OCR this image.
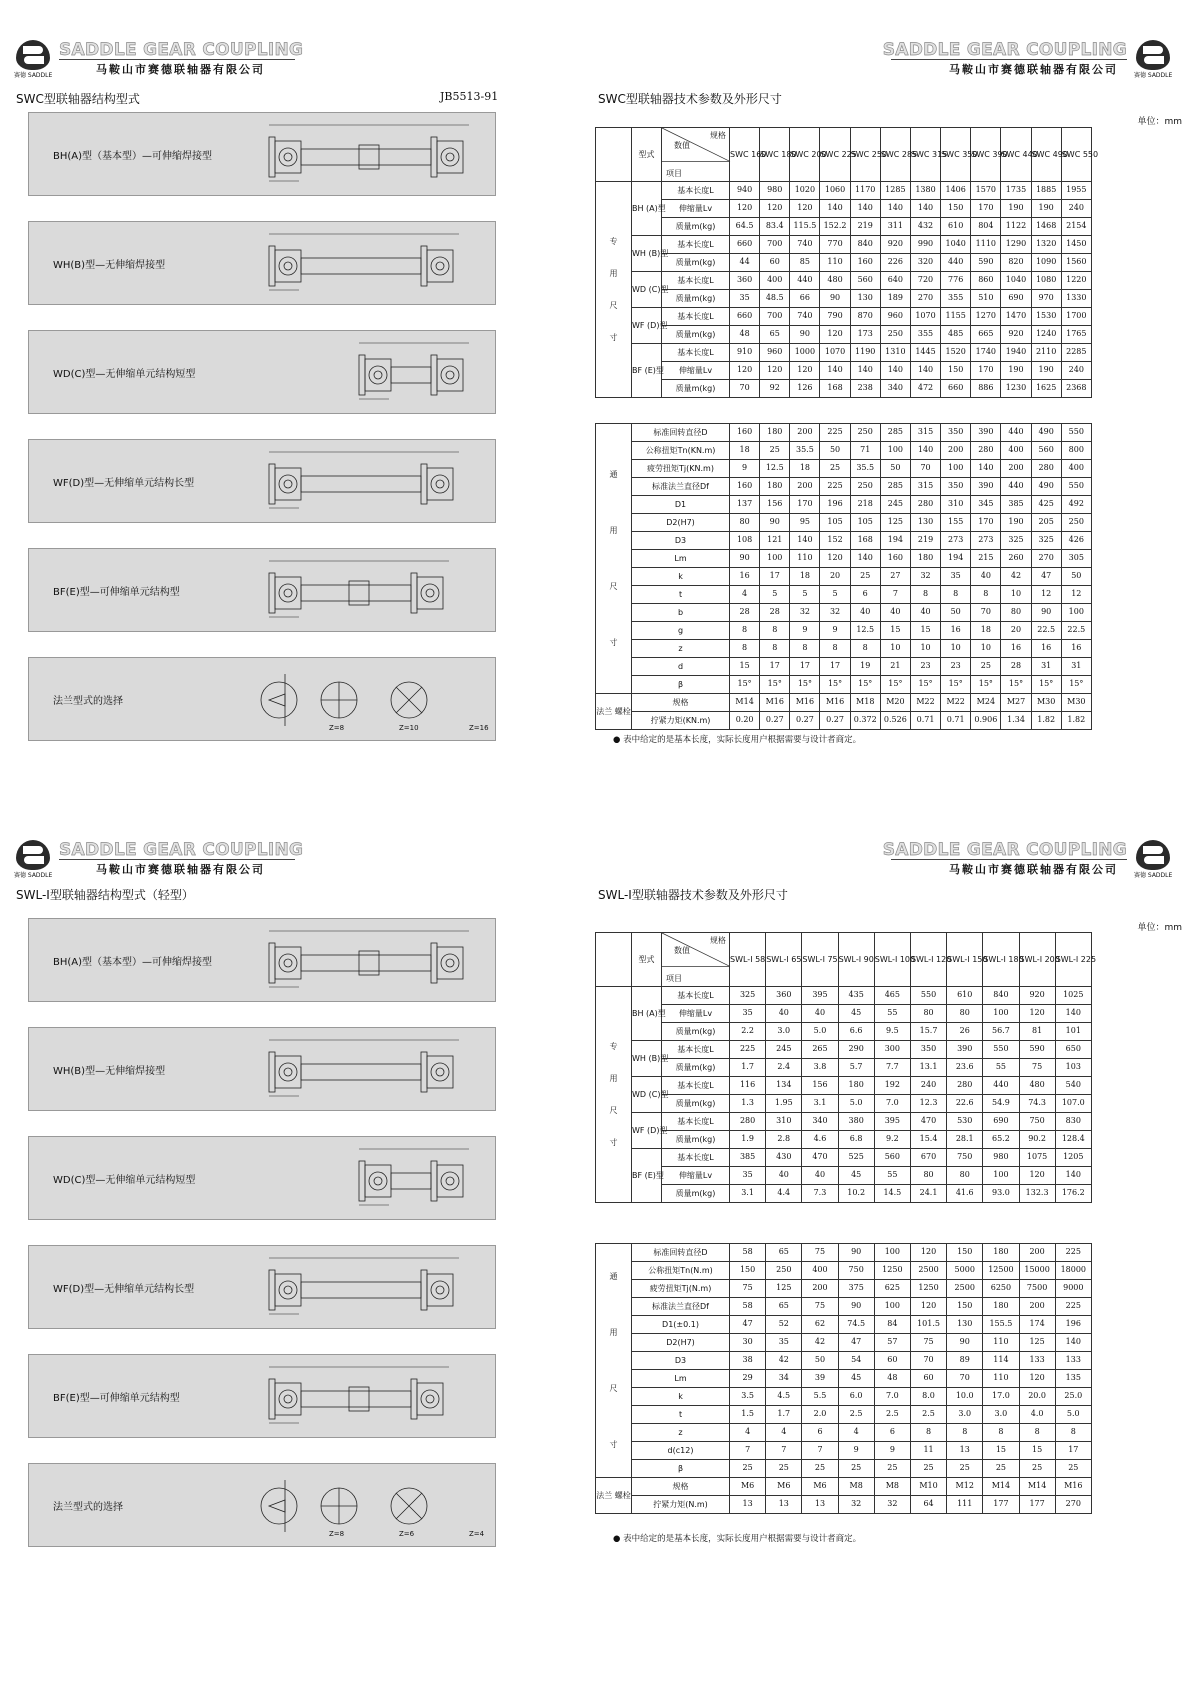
赛德 SADDLE
SADDLE GEAR COUPLING
马鞍山市赛德联轴器有限公司
SWC型联轴器结构型式	JB5513-91
BH(A)型（基本型）—可伸缩焊接型
WH(B)型—无伸缩焊接型
WD(C)型—无伸缩单元结构短型
WF(D)型—无伸缩单元结构长型
BF(E)型—可伸缩单元结构型
法兰型式的选择
Z=8	Z=10	Z=16
SADDLE GEAR COUPLING
马鞍山市赛德联轴器有限公司	赛德 SADDLE
SWC型联轴器技术参数及外形尺寸
单位：mm
	型式	规格
数值
项目	SWC 160	SWC 180	SWC 200	SWC 225	SWC 250	SWC 285	SWC 315	SWC 350	SWC 390	SWC 440	SWC 490	SWC 550

专
用
尺
寸	BH (A)型	基本长度L	940	980	1020	1060	1170	1285	1380	1406	1570	1735	1885	1955
		伸缩量Lv	120	120	120	140	140	140	140	150	170	190	190	240
		质量m(kg)	64.5	83.4	115.5	152.2	219	311	432	610	804	1122	1468	2154
	WH (B)型	基本长度L	660	700	740	770	840	920	990	1040	1110	1290	1320	1450
		质量m(kg)	44	60	85	110	160	226	320	440	590	820	1090	1560
	WD (C)型	基本长度L	360	400	440	480	560	640	720	776	860	1040	1080	1220
		质量m(kg)	35	48.5	66	90	130	189	270	355	510	690	970	1330
	WF (D)型	基本长度L	660	700	740	790	870	960	1070	1155	1270	1470	1530	1700
		质量m(kg)	48	65	90	120	173	250	355	485	665	920	1240	1765
	BF (E)型	基本长度L	910	960	1000	1070	1190	1310	1445	1520	1740	1940	2110	2285
		伸缩量Lv	120	120	120	140	140	140	140	150	170	190	190	240
		质量m(kg)	70	92	126	168	238	340	472	660	886	1230	1625	2368
通
用
尺
寸	标准回转直径D	160	180	200	225	250	285	315	350	390	440	490	550
	公称扭矩Tn(KN.m)	18	25	35.5	50	71	100	140	200	280	400	560	800
	疲劳扭矩Tj(KN.m)	9	12.5	18	25	35.5	50	70	100	140	200	280	400
	标准法兰直径Df	160	180	200	225	250	285	315	350	390	440	490	550
	D1	137	156	170	196	218	245	280	310	345	385	425	492
	D2(H7)	80	90	95	105	105	125	130	155	170	190	205	250
	D3	108	121	140	152	168	194	219	273	273	325	325	426
	Lm	90	100	110	120	140	160	180	194	215	260	270	305
	k	16	17	18	20	25	27	32	35	40	42	47	50
	t	4	5	5	5	6	7	8	8	8	10	12	12
	b	28	28	32	32	40	40	40	50	70	80	90	100
	g	8	8	9	9	12.5	15	15	16	18	20	22.5	22.5
	z	8	8	8	8	8	10	10	10	10	16	16	16
	d	15	17	17	17	19	21	23	23	25	28	31	31
	β	15°	15°	15°	15°	15°	15°	15°	15°	15°	15°	15°	15°
法兰 螺栓	规格	M14	M16	M16	M16	M18	M20	M22	M22	M24	M27	M30	M30
	拧紧力矩(KN.m)	0.20	0.27	0.27	0.27	0.372	0.526	0.71	0.71	0.906	1.34	1.82	1.82
● 表中给定的是基本长度，实际长度用户根据需要与设计者商定。
赛德 SADDLE
SADDLE GEAR COUPLING
马鞍山市赛德联轴器有限公司
SWL-Ⅰ型联轴器结构型式（轻型）
BH(A)型（基本型）—可伸缩焊接型
WH(B)型—无伸缩焊接型
WD(C)型—无伸缩单元结构短型
WF(D)型—无伸缩单元结构长型
BF(E)型—可伸缩单元结构型
法兰型式的选择
Z=8	Z=6	Z=4
SADDLE GEAR COUPLING
马鞍山市赛德联轴器有限公司	赛德 SADDLE
SWL-Ⅰ型联轴器技术参数及外形尺寸
单位：mm
	型式	规格
数值
项目	SWL-Ⅰ 58	SWL-Ⅰ 65	SWL-Ⅰ 75	SWL-Ⅰ 90	SWL-Ⅰ 100	SWL-Ⅰ 120	SWL-Ⅰ 150	SWL-Ⅰ 180	SWL-Ⅰ 200	SWL-Ⅰ 225

专
用
尺
寸	BH (A)型	基本长度L	325	360	395	435	465	550	610	840	920	1025
		伸缩量Lv	35	40	40	45	55	80	80	100	120	140
		质量m(kg)	2.2	3.0	5.0	6.6	9.5	15.7	26	56.7	81	101
	WH (B)型	基本长度L	225	245	265	290	300	350	390	550	590	650
		质量m(kg)	1.7	2.4	3.8	5.7	7.7	13.1	23.6	55	75	103
	WD (C)型	基本长度L	116	134	156	180	192	240	280	440	480	540
		质量m(kg)	1.3	1.95	3.1	5.0	7.0	12.3	22.6	54.9	74.3	107.0
	WF (D)型	基本长度L	280	310	340	380	395	470	530	690	750	830
		质量m(kg)	1.9	2.8	4.6	6.8	9.2	15.4	28.1	65.2	90.2	128.4
	BF (E)型	基本长度L	385	430	470	525	560	670	750	980	1075	1205
		伸缩量Lv	35	40	40	45	55	80	80	100	120	140
		质量m(kg)	3.1	4.4	7.3	10.2	14.5	24.1	41.6	93.0	132.3	176.2
通
用
尺
寸	标准回转直径D	58	65	75	90	100	120	150	180	200	225
	公称扭矩Tn(N.m)	150	250	400	750	1250	2500	5000	12500	15000	18000
	疲劳扭矩Tj(N.m)	75	125	200	375	625	1250	2500	6250	7500	9000
	标准法兰直径Df	58	65	75	90	100	120	150	180	200	225
	D1(±0.1)	47	52	62	74.5	84	101.5	130	155.5	174	196
	D2(H7)	30	35	42	47	57	75	90	110	125	140
	D3	38	42	50	54	60	70	89	114	133	133
	Lm	29	34	39	45	48	60	70	110	120	135
	k	3.5	4.5	5.5	6.0	7.0	8.0	10.0	17.0	20.0	25.0
	t	1.5	1.7	2.0	2.5	2.5	2.5	3.0	3.0	4.0	5.0
	z	4	4	6	4	6	8	8	8	8	8
	d(c12)	7	7	7	9	9	11	13	15	15	17
	β	25	25	25	25	25	25	25	25	25	25
法兰 螺栓	规格	M6	M6	M6	M8	M8	M10	M12	M14	M14	M16
	拧紧力矩(N.m)	13	13	13	32	32	64	111	177	177	270
● 表中给定的是基本长度，实际长度用户根据需要与设计者商定。
